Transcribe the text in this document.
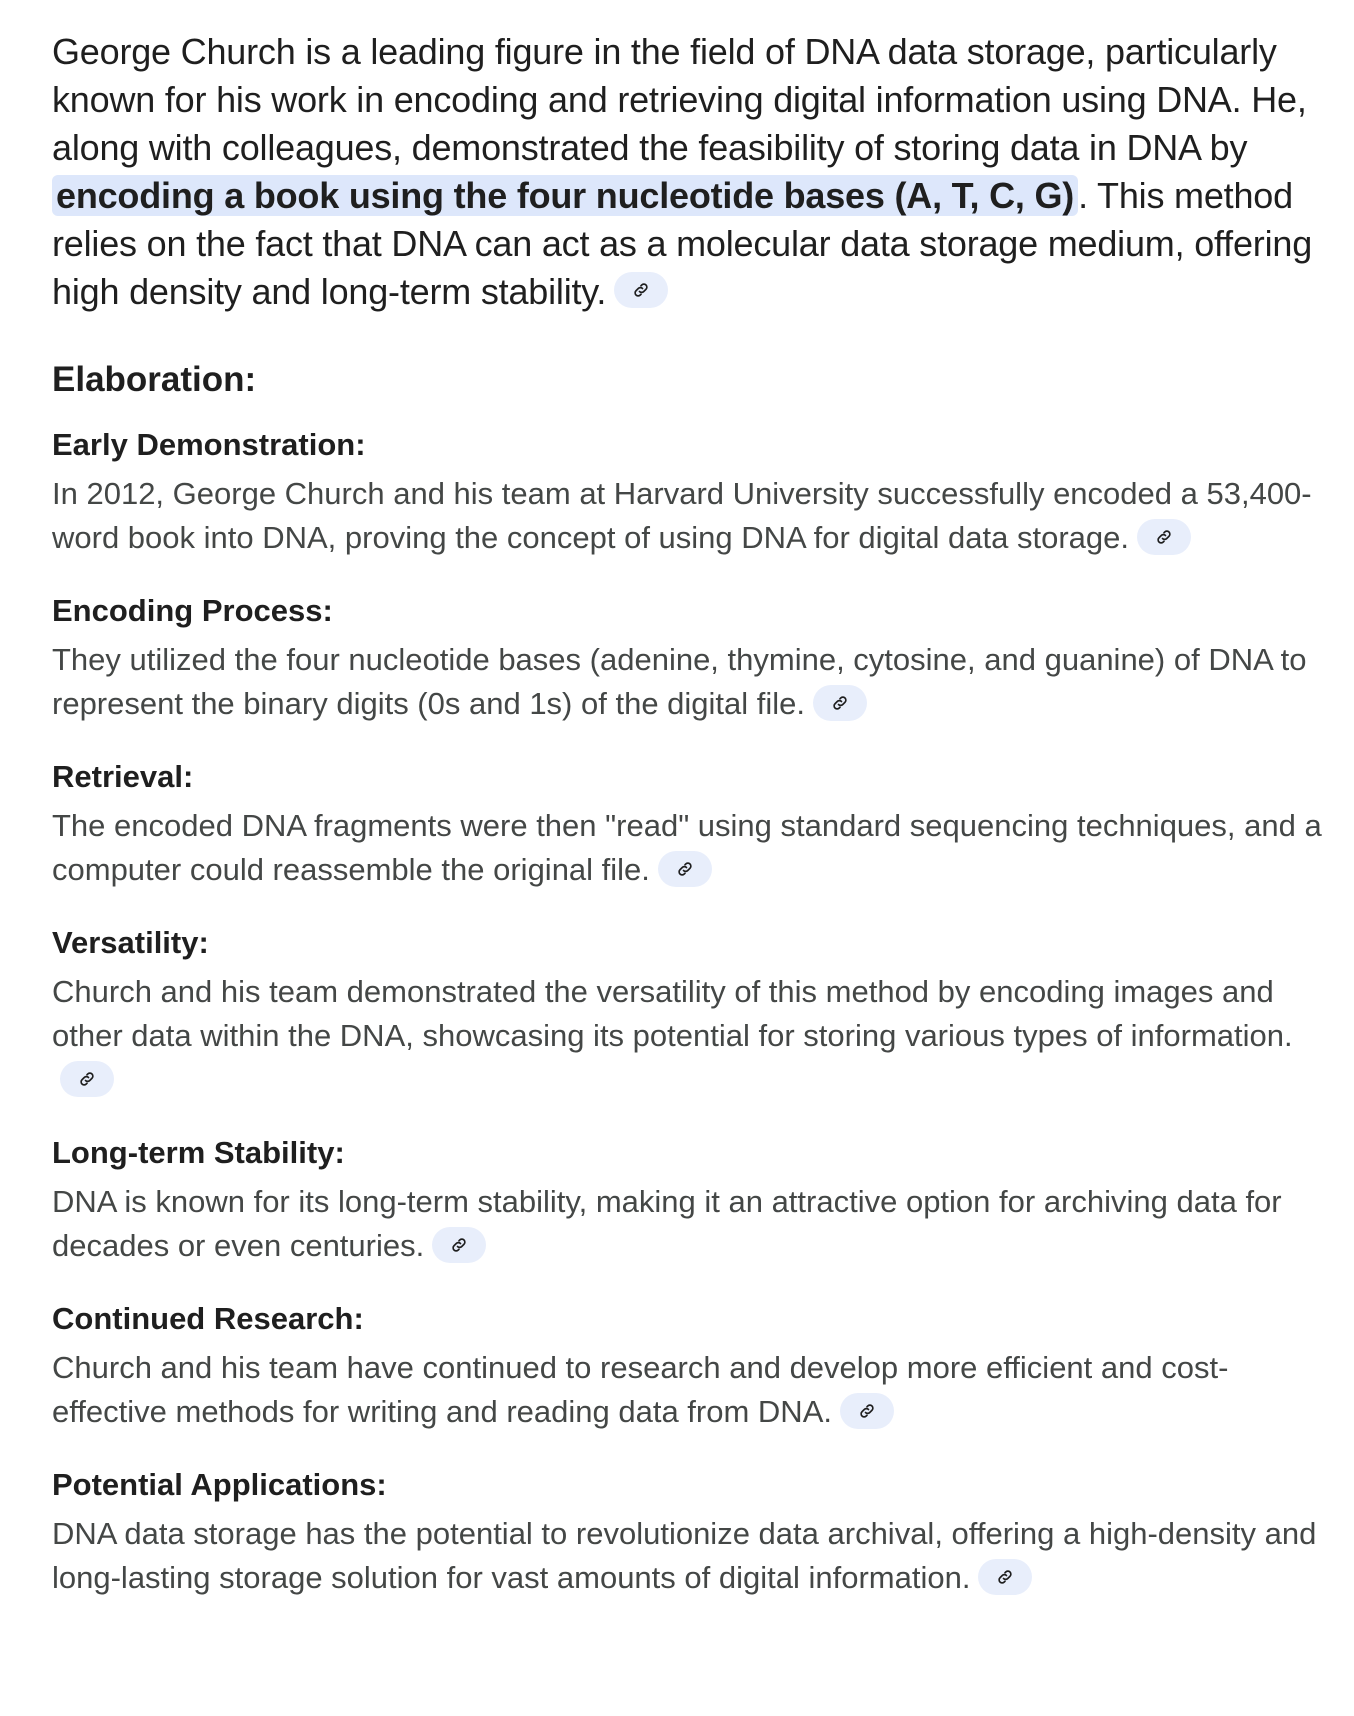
George Church is a leading figure in the field of DNA data storage, particularly known for his work in encoding and retrieving digital information using DNA. He, along with colleagues, demonstrated the feasibility of storing data in DNA by encoding a book using the four nucleotide bases (A, T, C, G) . This method relies on the fact that DNA can act as a molecular data storage medium, offering high density and long-term stability.

Elaboration:

Early Demonstration:

In 2012, George Church and his team at Harvard University successfully encoded a 53,400-word book into DNA, proving the concept of using DNA for digital data storage.

Encoding Process:

They utilized the four nucleotide bases (adenine, thymine, cytosine, and guanine) of DNA to represent the binary digits (0s and 1s) of the digital file.

Retrieval:

The encoded DNA fragments were then "read" using standard sequencing techniques, and a computer could reassemble the original file.

Versatility:

Church and his team demonstrated the versatility of this method by encoding images and other data within the DNA, showcasing its potential for storing various types of information.

Long-term Stability:

DNA is known for its long-term stability, making it an attractive option for archiving data for decades or even centuries.

Continued Research:

Church and his team have continued to research and develop more efficient and cost-effective methods for writing and reading data from DNA.

Potential Applications:

DNA data storage has the potential to revolutionize data archival, offering a high-density and long-lasting storage solution for vast amounts of digital information.
